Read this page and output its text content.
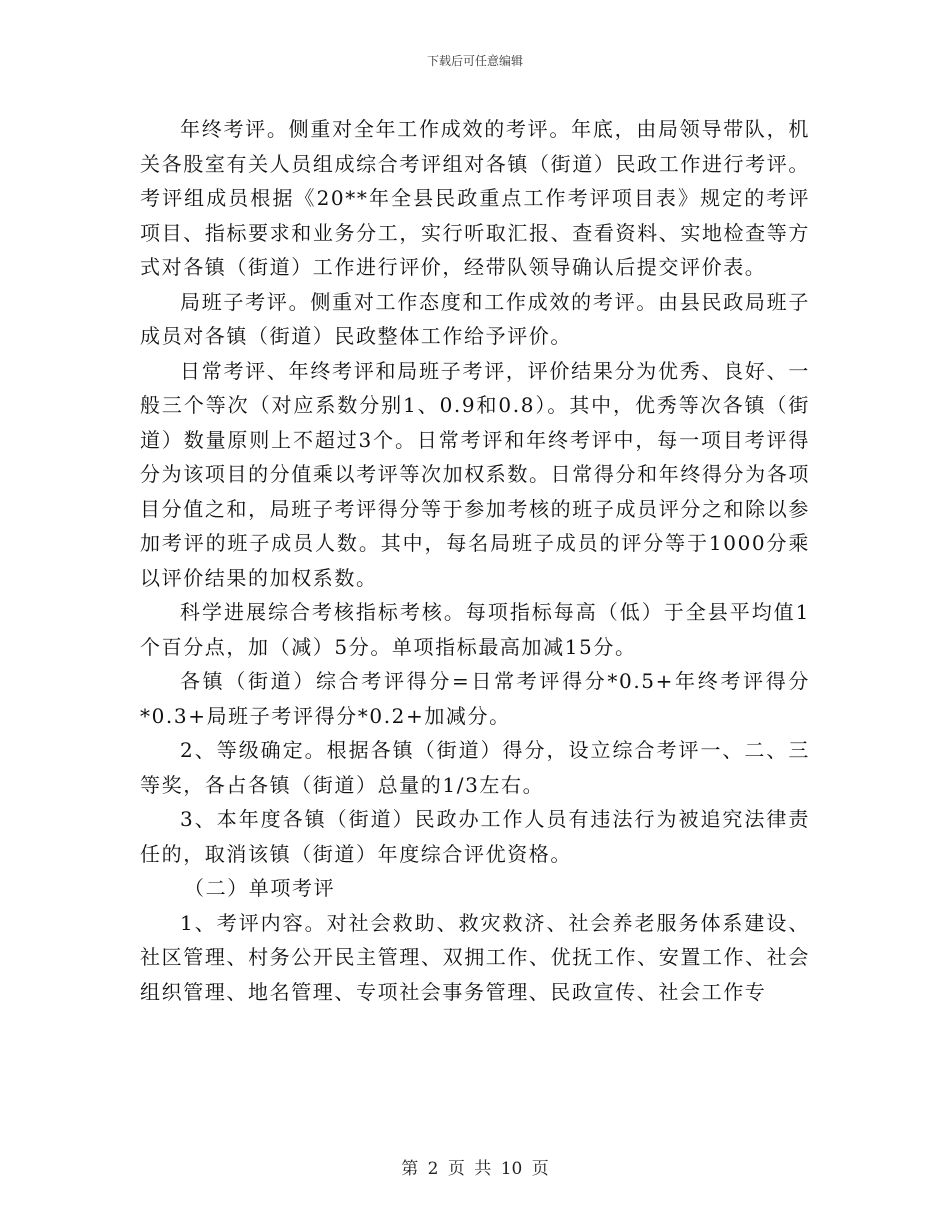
下载后可任意编辑

年终考评。侧重对全年工作成效的考评。年底，由局领导带队，机关各股室有关人员组成综合考评组对各镇（街道）民政工作进行考评。考评组成员根据《20**年全县民政重点工作考评项目表》规定的考评项目、指标要求和业务分工，实行听取汇报、查看资料、实地检查等方式对各镇（街道）工作进行评价，经带队领导确认后提交评价表。

局班子考评。侧重对工作态度和工作成效的考评。由县民政局班子成员对各镇（街道）民政整体工作给予评价。

日常考评、年终考评和局班子考评，评价结果分为优秀、良好、一般三个等次（对应系数分别1、0.9和0.8）。其中，优秀等次各镇（街道）数量原则上不超过3个。日常考评和年终考评中，每一项目考评得分为该项目的分值乘以考评等次加权系数。日常得分和年终得分为各项目分值之和，局班子考评得分等于参加考核的班子成员评分之和除以参加考评的班子成员人数。其中，每名局班子成员的评分等于1000分乘以评价结果的加权系数。

科学进展综合考核指标考核。每项指标每高（低）于全县平均值1个百分点，加（减）5分。单项指标最高加减15分。

各镇（街道）综合考评得分=日常考评得分*0.5+年终考评得分*0.3+局班子考评得分*0.2+加减分。

2、等级确定。根据各镇（街道）得分，设立综合考评一、二、三等奖，各占各镇（街道）总量的1/3左右。

3、本年度各镇（街道）民政办工作人员有违法行为被追究法律责任的，取消该镇（街道）年度综合评优资格。

（二）单项考评

1、考评内容。对社会救助、救灾救济、社会养老服务体系建设、社区管理、村务公开民主管理、双拥工作、优抚工作、安置工作、社会组织管理、地名管理、专项社会事务管理、民政宣传、社会工作专

第 2 页 共 10 页
